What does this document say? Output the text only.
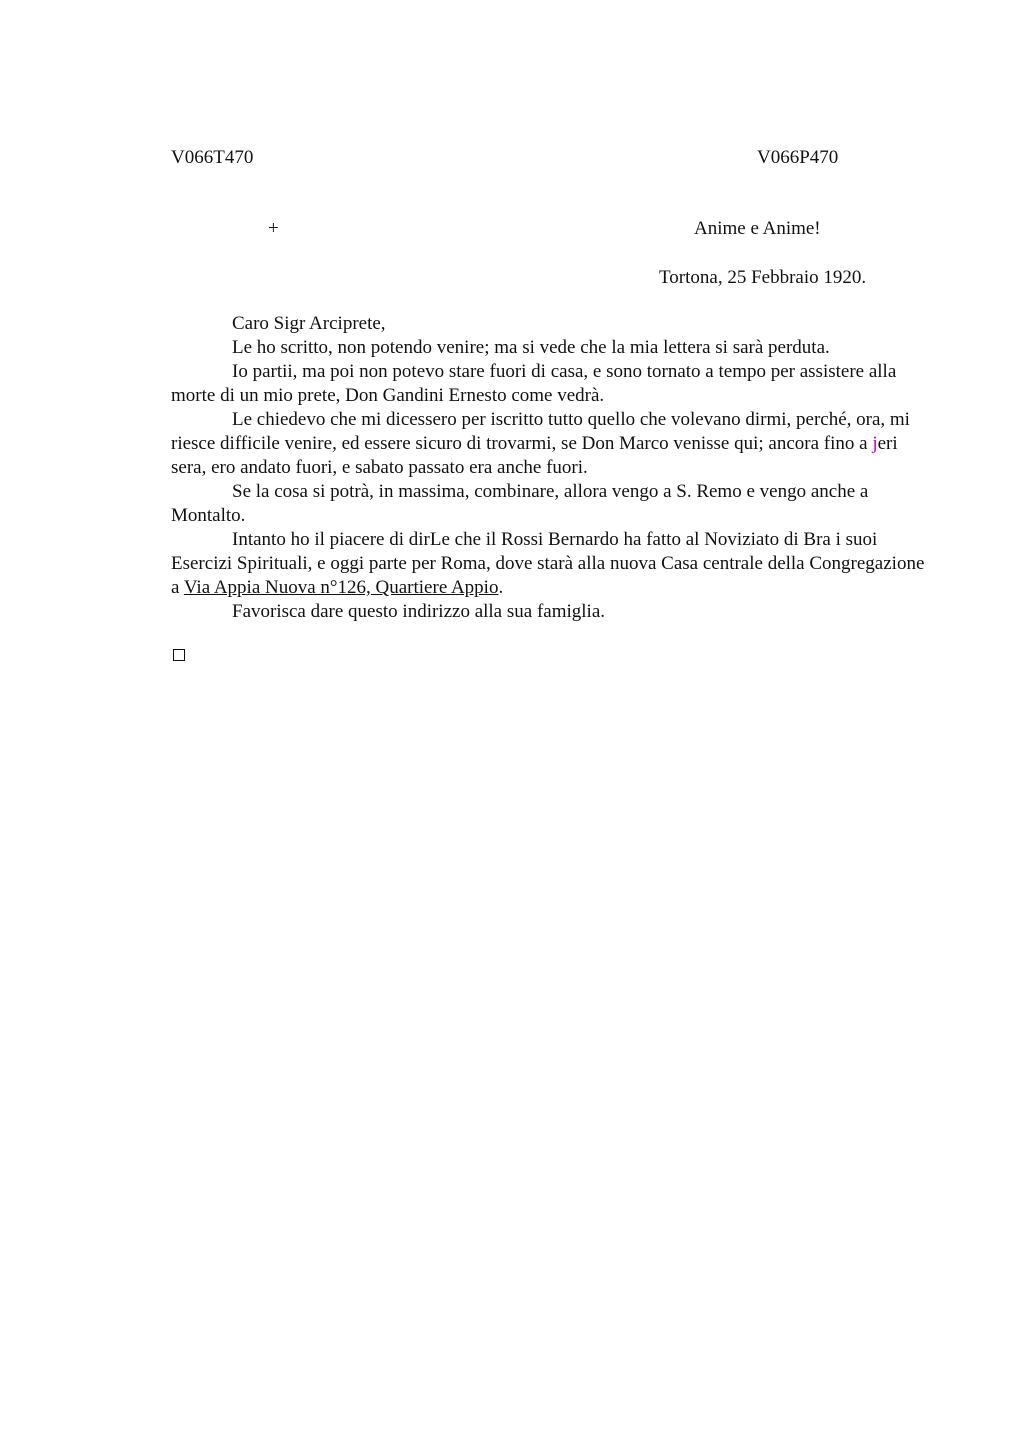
V066T470	V066P470
+	Anime e Anime!
Tortona, 25 Febbraio 1920.

Caro Sigr Arciprete,

Le ho scritto, non potendo venire; ma si vede che la mia lettera si sarà perduta.

Io partii, ma poi non potevo stare fuori di casa, e sono tornato a tempo per assistere alla morte di un mio prete, Don Gandini Ernesto come vedrà.

Le chiedevo che mi dicessero per iscritto tutto quello che volevano dirmi, perché, ora, mi riesce difficile venire, ed essere sicuro di trovarmi, se Don Marco venisse qui; ancora fino a jeri sera, ero andato fuori, e sabato passato era anche fuori.

Se la cosa si potrà, in massima, combinare, allora vengo a S. Remo e vengo anche a Montalto.

Intanto ho il piacere di dirLe che il Rossi Bernardo ha fatto al Noviziato di Bra i suoi Esercizi Spirituali, e oggi parte per Roma, dove starà alla nuova Casa centrale della Congregazione a Via Appia Nuova n°126, Quartiere Appio.

Favorisca dare questo indirizzo alla sua famiglia.
